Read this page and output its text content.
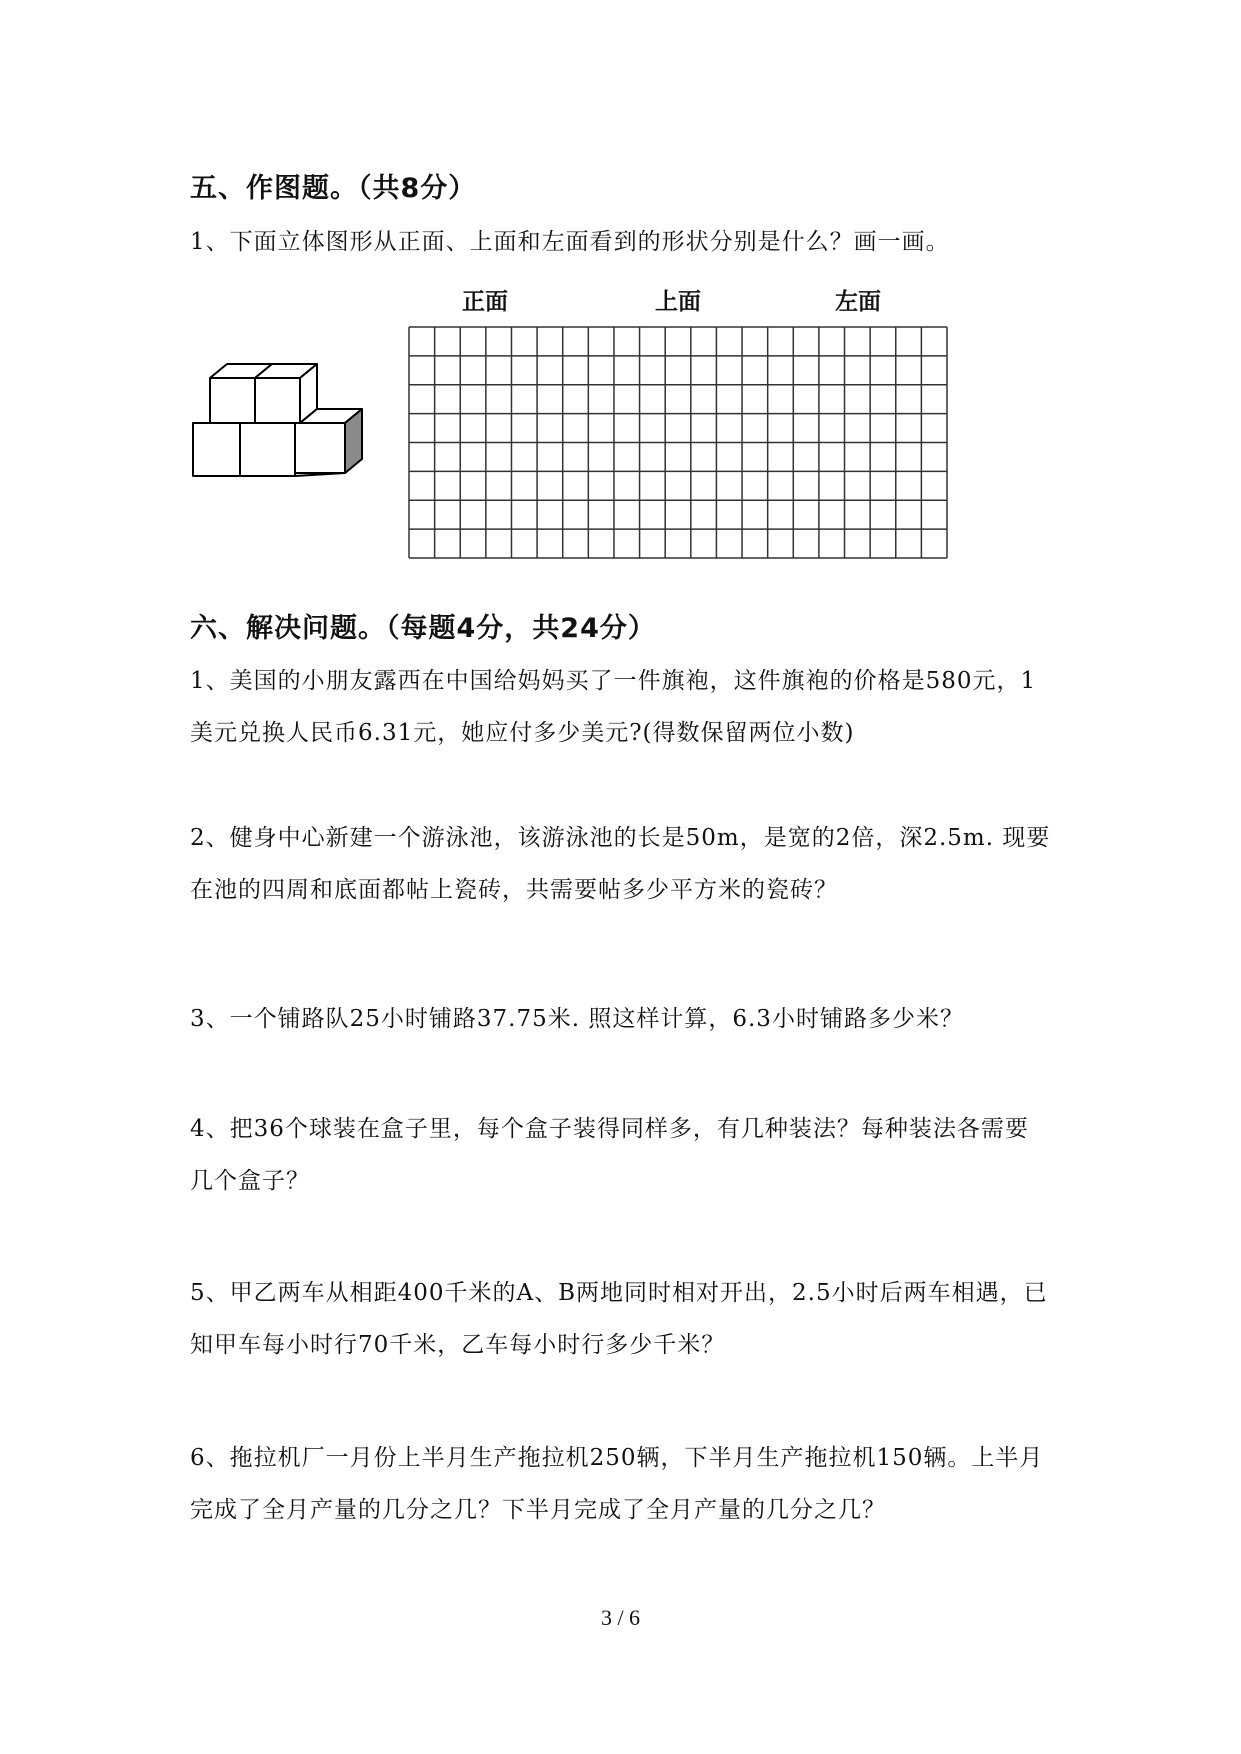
五、作图题。（共8分）
1、下面立体图形从正面、上面和左面看到的形状分别是什么？画一画。
正面	上面	左面
六、解决问题。（每题4分，共24分）
1、美国的小朋友露西在中国给妈妈买了一件旗袍，这件旗袍的价格是580元，1
美元兑换人民币6.31元，她应付多少美元?(得数保留两位小数)
2、健身中心新建一个游泳池，该游泳池的长是50m，是宽的2倍，深2.5m. 现要
在池的四周和底面都帖上瓷砖，共需要帖多少平方米的瓷砖？
3、一个铺路队25小时铺路37.75米. 照这样计算，6.3小时铺路多少米？
4、把36个球装在盒子里，每个盒子装得同样多，有几种装法？每种装法各需要
几个盒子？
5、甲乙两车从相距400千米的A、B两地同时相对开出，2.5小时后两车相遇，已
知甲车每小时行70千米，乙车每小时行多少千米？
6、拖拉机厂一月份上半月生产拖拉机250辆，下半月生产拖拉机150辆。上半月
完成了全月产量的几分之几？下半月完成了全月产量的几分之几？
3 / 6
